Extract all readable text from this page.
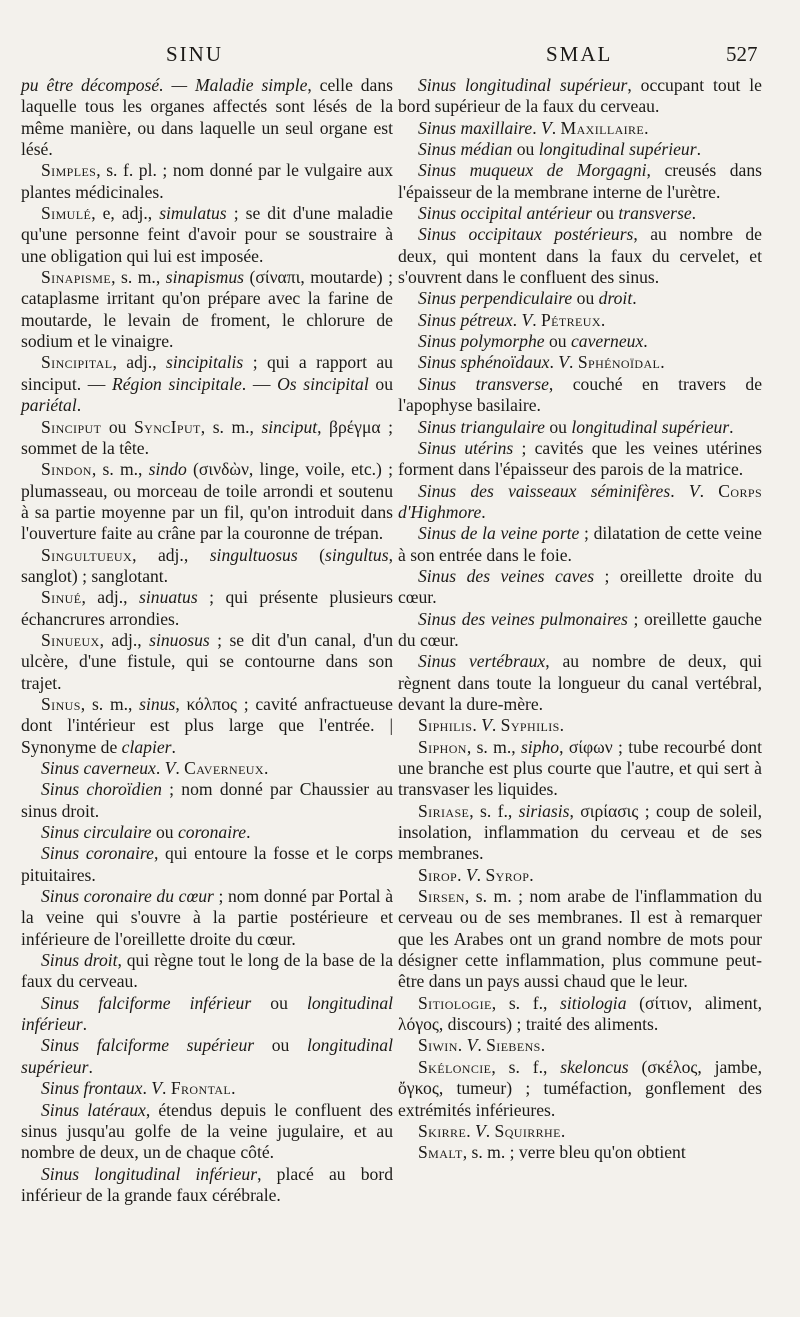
SINU	SMAL	527

pu être décomposé. — Maladie simple, celle dans laquelle tous les organes affectés sont lésés de la même manière, ou dans laquelle un seul organe est lésé.

Simples, s. f. pl. ; nom donné par le vulgaire aux plantes médicinales.

Simulé, e, adj., simulatus ; se dit d'une maladie qu'une personne feint d'avoir pour se soustraire à une obligation qui lui est imposée.

Sinapisme, s. m., sinapismus (σίναπι, moutarde) ; cataplasme irritant qu'on prépare avec la farine de moutarde, le levain de froment, le chlorure de sodium et le vinaigre.

Sincipital, adj., sincipitalis ; qui a rapport au sinciput. — Région sincipitale. — Os sincipital ou pariétal.

Sinciput ou SyncIput, s. m., sinciput, βρέγμα ; sommet de la tête.

Sindon, s. m., sindo (σινδὼν, linge, voile, etc.) ; plumasseau, ou morceau de toile arrondi et soutenu à sa partie moyenne par un fil, qu'on introduit dans l'ouverture faite au crâne par la couronne de trépan.

Singultueux, adj., singultuosus (singultus, sanglot) ; sanglotant.

Sinué, adj., sinuatus ; qui présente plusieurs échancrures arrondies.

Sinueux, adj., sinuosus ; se dit d'un canal, d'un ulcère, d'une fistule, qui se contourne dans son trajet.

Sinus, s. m., sinus, κόλπος ; cavité anfractueuse dont l'intérieur est plus large que l'entrée. | Synonyme de clapier.

Sinus caverneux. V. Caverneux.

Sinus choroïdien ; nom donné par Chaussier au sinus droit.

Sinus circulaire ou coronaire.

Sinus coronaire, qui entoure la fosse et le corps pituitaires.

Sinus coronaire du cœur ; nom donné par Portal à la veine qui s'ouvre à la partie postérieure et inférieure de l'oreillette droite du cœur.

Sinus droit, qui règne tout le long de la base de la faux du cerveau.

Sinus falciforme inférieur ou longitudinal inférieur.

Sinus falciforme supérieur ou longitudinal supérieur.

Sinus frontaux. V. Frontal.

Sinus latéraux, étendus depuis le confluent des sinus jusqu'au golfe de la veine jugulaire, et au nombre de deux, un de chaque côté.

Sinus longitudinal inférieur, placé au bord inférieur de la grande faux cérébrale.

Sinus longitudinal supérieur, occupant tout le bord supérieur de la faux du cerveau.

Sinus maxillaire. V. Maxillaire.

Sinus médian ou longitudinal supérieur.

Sinus muqueux de Morgagni, creusés dans l'épaisseur de la membrane interne de l'urètre.

Sinus occipital antérieur ou transverse.

Sinus occipitaux postérieurs, au nombre de deux, qui montent dans la faux du cervelet, et s'ouvrent dans le confluent des sinus.

Sinus perpendiculaire ou droit.

Sinus pétreux. V. Pétreux.

Sinus polymorphe ou caverneux.

Sinus sphénoïdaux. V. Sphénoïdal.

Sinus transverse, couché en travers de l'apophyse basilaire.

Sinus triangulaire ou longitudinal supérieur.

Sinus utérins ; cavités que les veines utérines forment dans l'épaisseur des parois de la matrice.

Sinus des vaisseaux séminifères. V. Corps d'Highmore.

Sinus de la veine porte ; dilatation de cette veine à son entrée dans le foie.

Sinus des veines caves ; oreillette droite du cœur.

Sinus des veines pulmonaires ; oreillette gauche du cœur.

Sinus vertébraux, au nombre de deux, qui règnent dans toute la longueur du canal vertébral, devant la dure-mère.

Siphilis. V. Syphilis.

Siphon, s. m., sipho, σίφων ; tube recourbé dont une branche est plus courte que l'autre, et qui sert à transvaser les liquides.

Siriase, s. f., siriasis, σιρίασις ; coup de soleil, insolation, inflammation du cerveau et de ses membranes.

Sirop. V. Syrop.

Sirsen, s. m. ; nom arabe de l'inflammation du cerveau ou de ses membranes. Il est à remarquer que les Arabes ont un grand nombre de mots pour désigner cette inflammation, plus commune peut-être dans un pays aussi chaud que le leur.

Sitiologie, s. f., sitiologia (σίτιον, aliment, λόγος, discours) ; traité des aliments.

Siwin. V. Siebens.

Skéloncie, s. f., skeloncus (σκέλος, jambe, ὄγκος, tumeur) ; tuméfaction, gonflement des extrémités inférieures.

Skirre. V. Squirrhe.

Smalt, s. m. ; verre bleu qu'on obtient
